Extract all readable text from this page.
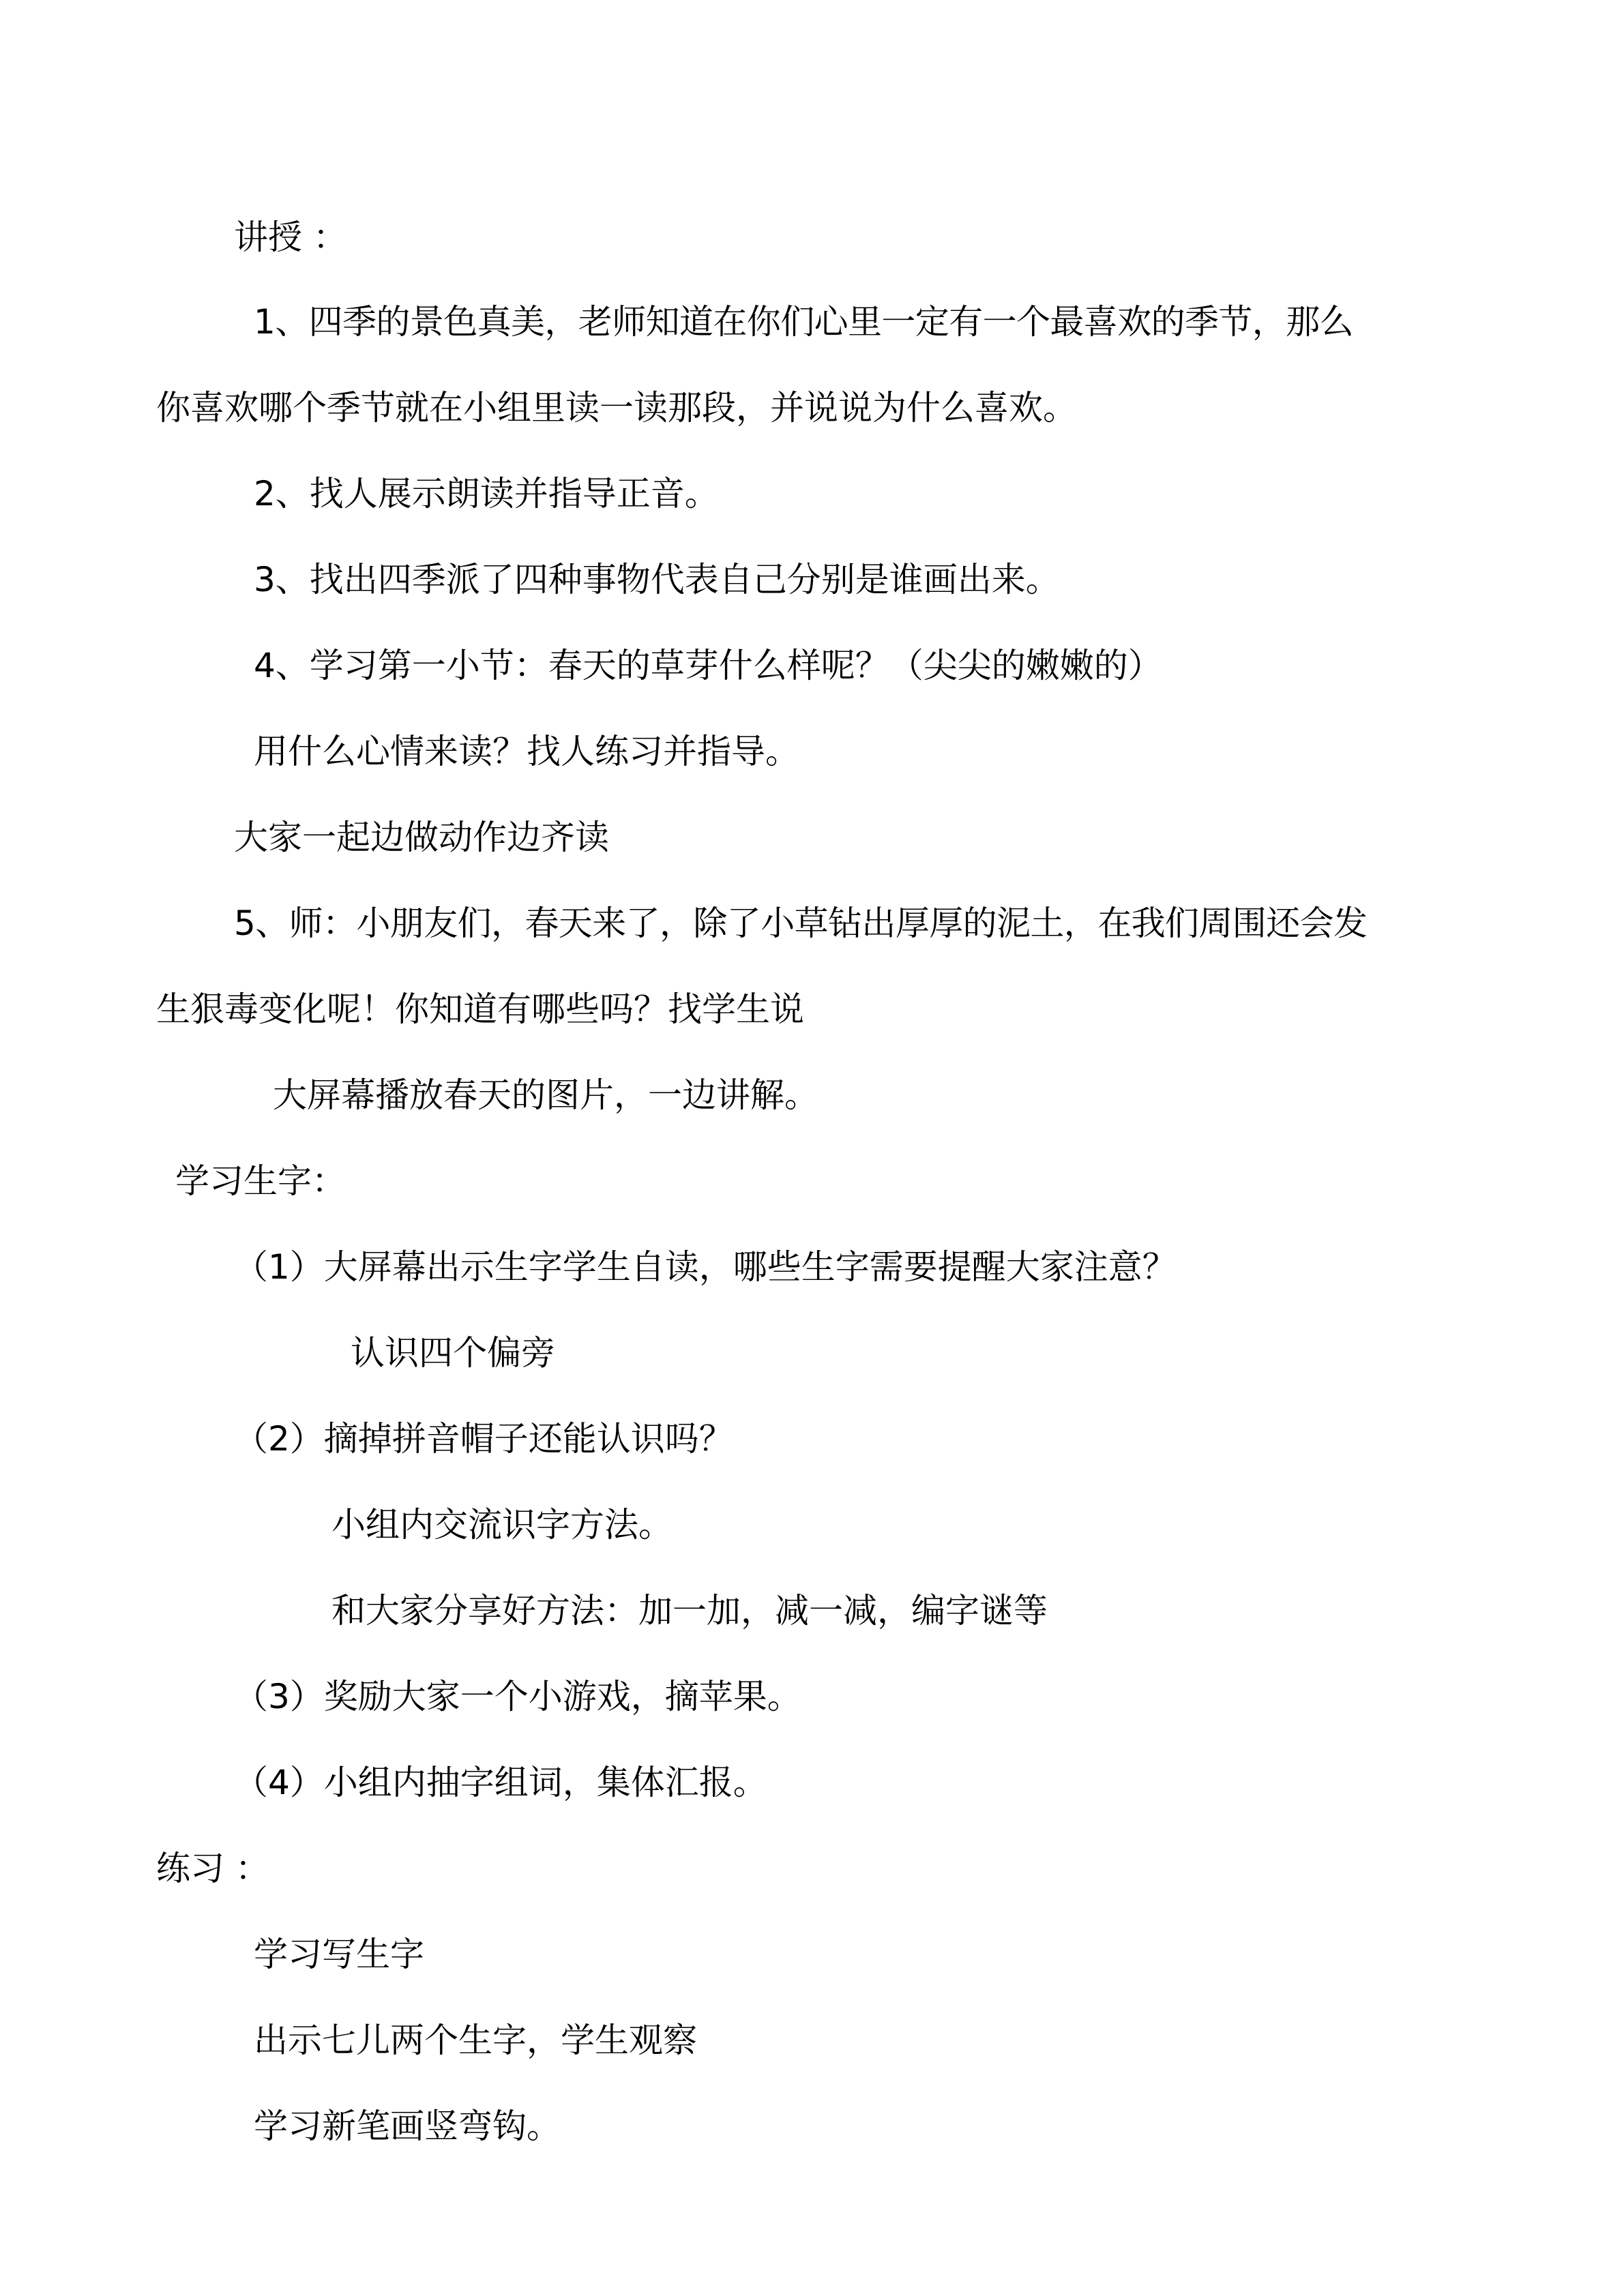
讲授 ：

1、四季的景色真美，老师知道在你们心里一定有一个最喜欢的季节，那么

你喜欢哪个季节就在小组里读一读那段，并说说为什么喜欢。

2、找人展示朗读并指导正音。

3、找出四季派了四种事物代表自己分别是谁画出来。

4、学习第一小节：春天的草芽什么样呢？（尖尖的嫩嫩的）

用什么心情来读？找人练习并指导。

大家一起边做动作边齐读

5、师：小朋友们，春天来了，除了小草钻出厚厚的泥土，在我们周围还会发

生狠毒变化呢！你知道有哪些吗？找学生说

大屏幕播放春天的图片，一边讲解。

学习生字：

（1）大屏幕出示生字学生自读，哪些生字需要提醒大家注意？

认识四个偏旁

（2）摘掉拼音帽子还能认识吗？

小组内交流识字方法。

和大家分享好方法：加一加，减一减，编字谜等

（3）奖励大家一个小游戏，摘苹果。

（4）小组内抽字组词，集体汇报。

练习 ：

学习写生字

出示七儿两个生字，学生观察

学习新笔画竖弯钩。
